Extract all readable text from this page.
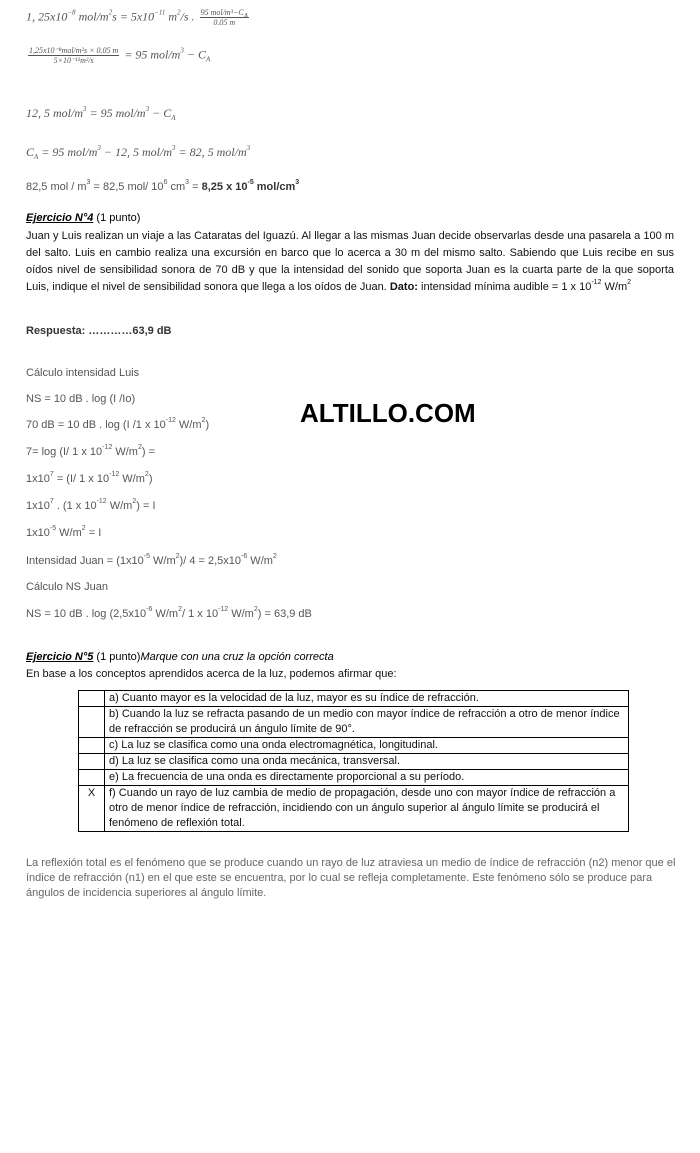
1, $25x10^{-8}$ mol/$m^2s = 5x10^{-11}$ $m^2/s$ . $\frac{95 mol/m^3-C_A}{0.05 m}$
$\frac{\text{1,25x10⁻⁸mol/m²s × 0.05 m}}{\text{5×10⁻¹¹m²/s}} = 95$ mol/$m^3 - C_A$
12, 5 mol/$m^3 = 95$ mol/$m^3 - C_A$
$C_A = 95$ mol/$m^3 - 12$, 5 mol/$m^3 = 82$, 5 mol/$m^3$
82,5 mol / $m^3 = 82,5$ mol/ $10^6$ $cm^3 = 8,25$ x $10^{-5}$ mol/$cm^3$
Ejercicio N°4 (1 punto)
Juan y Luis realizan un viaje a las Cataratas del Iguazú. Al llegar a las mismas Juan decide observarlas desde una pasarela a 100 m del salto. Luis en cambio realiza una excursión en barco que lo acerca a 30 m del mismo salto. Sabiendo que Luis recibe en sus oídos nivel de sensibilidad sonora de 70 dB y que la intensidad del sonido que soporta Juan es la cuarta parte de la que soporta Luis, indique el nivel de sensibilidad sonora que llega a los oídos de Juan. Dato: intensidad mínima audible = 1 x $10^{-12}$ $W/m^2$
Respuesta: …………63,9 dB
Cálculo intensidad Luis
NS = 10 dB . log (I /Io)
70 dB = 10 dB . log (I /1 x $10^{-12}$ $W/m^2$)
7= log (I/ 1 x $10^{-12}$ $W/m^2$) =
$1x10^7 = (I/$ 1 x $10^{-12}$ $W/m^2$)
$1x10^7$ . (1 x $10^{-12}$ $W/m^2) = I$
$1x10^{-5}$ $W/m^2 = I$
Intensidad Juan = ($1x10^{-5}$ $W/m^2)/$ $4 = 2,5x10^{-6}$ $W/m^2$
Cálculo NS Juan
NS = 10 dB . $\log (2,5x10^{-6}$ $W/m^2/$ 1 x $10^{-12}$ $W/m^2) = 63,9$ dB
ALTILLO.COM
Ejercicio N°5 (1 punto)Marque con una cruz la opción correcta
En base a los conceptos aprendidos acerca de la luz, podemos afirmar que:
	a) Cuanto mayor es la velocidad de la luz, mayor es su índice de refracción.
	b) Cuando la luz se refracta pasando de un medio con mayor índice de refracción a otro de menor índice de refracción se producirá un ángulo límite de 90°.
	c) La luz se clasifica como una onda electromagnética, longitudinal.
	d) La luz se clasifica como una onda mecánica, transversal.
	e) La frecuencia de una onda es directamente proporcional a su período.
X	f) Cuando un rayo de luz cambia de medio de propagación, desde uno con mayor índice de refracción a otro de menor índice de refracción, incidiendo con un ángulo superior al ángulo límite se producirá el fenómeno de reflexión total.
La reflexión total es el fenómeno que se produce cuando un rayo de luz atraviesa un medio de índice de refracción (n2) menor que el índice de refracción (n1) en el que este se encuentra, por lo cual se refleja completamente. Este fenómeno sólo se produce para ángulos de incidencia superiores al ángulo límite.
